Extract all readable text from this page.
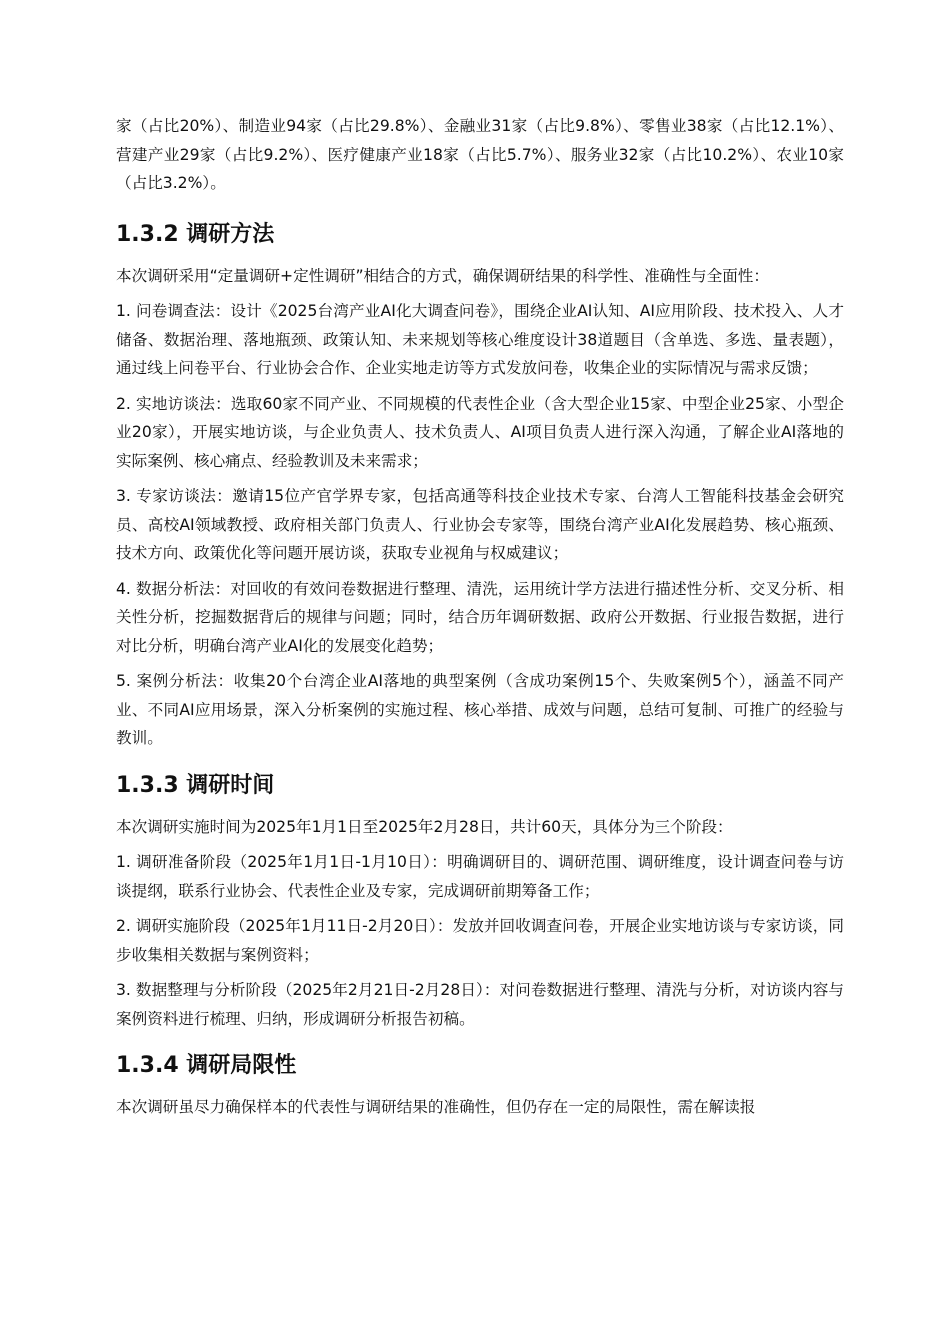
家（占比20%）、制造业94家（占比29.8%）、金融业31家（占比9.8%）、零售业38家（占比12.1%）、营建产业29家（占比9.2%）、医疗健康产业18家（占比5.7%）、服务业32家（占比10.2%）、农业10家（占比3.2%）。

1.3.2 调研方法

本次调研采用“定量调研+定性调研”相结合的方式，确保调研结果的科学性、准确性与全面性：

1. 问卷调查法：设计《2025台湾产业AI化大调查问卷》，围绕企业AI认知、AI应用阶段、技术投入、人才储备、数据治理、落地瓶颈、政策认知、未来规划等核心维度设计38道题目（含单选、多选、量表题），通过线上问卷平台、行业协会合作、企业实地走访等方式发放问卷，收集企业的实际情况与需求反馈；

2. 实地访谈法：选取60家不同产业、不同规模的代表性企业（含大型企业15家、中型企业25家、小型企业20家），开展实地访谈，与企业负责人、技术负责人、AI项目负责人进行深入沟通，了解企业AI落地的实际案例、核心痛点、经验教训及未来需求；

3. 专家访谈法：邀请15位产官学界专家，包括高通等科技企业技术专家、台湾人工智能科技基金会研究员、高校AI领域教授、政府相关部门负责人、行业协会专家等，围绕台湾产业AI化发展趋势、核心瓶颈、技术方向、政策优化等问题开展访谈，获取专业视角与权威建议；

4. 数据分析法：对回收的有效问卷数据进行整理、清洗，运用统计学方法进行描述性分析、交叉分析、相关性分析，挖掘数据背后的规律与问题；同时，结合历年调研数据、政府公开数据、行业报告数据，进行对比分析，明确台湾产业AI化的发展变化趋势；

5. 案例分析法：收集20个台湾企业AI落地的典型案例（含成功案例15个、失败案例5个），涵盖不同产业、不同AI应用场景，深入分析案例的实施过程、核心举措、成效与问题，总结可复制、可推广的经验与教训。

1.3.3 调研时间

本次调研实施时间为2025年1月1日至2025年2月28日，共计60天，具体分为三个阶段：

1. 调研准备阶段（2025年1月1日-1月10日）：明确调研目的、调研范围、调研维度，设计调查问卷与访谈提纲，联系行业协会、代表性企业及专家，完成调研前期筹备工作；

2. 调研实施阶段（2025年1月11日-2月20日）：发放并回收调查问卷，开展企业实地访谈与专家访谈，同步收集相关数据与案例资料；

3. 数据整理与分析阶段（2025年2月21日-2月28日）：对问卷数据进行整理、清洗与分析，对访谈内容与案例资料进行梳理、归纳，形成调研分析报告初稿。

1.3.4 调研局限性

本次调研虽尽力确保样本的代表性与调研结果的准确性，但仍存在一定的局限性，需在解读报
